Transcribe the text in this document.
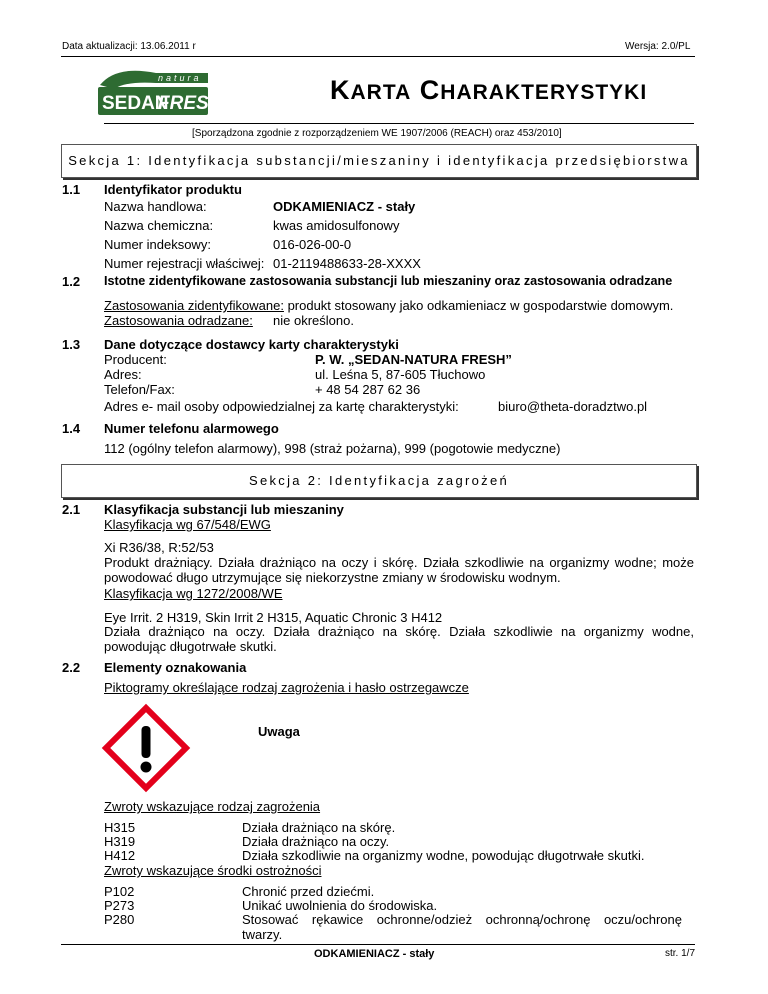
Data aktualizacji: 13.06.2011 r	Wersja: 2.0/PL
natura
SEDAN
FRESH	KARTA CHARAKTERYSTYKI
[Sporządzona zgodnie z rozporządzeniem WE 1907/2006 (REACH) oraz 453/2010]
Sekcja 1: Identyfikacja substancji/mieszaniny i identyfikacja przedsiębiorstwa
1.1 Identyfikator produktu
Nazwa handlowa:	ODKAMIENIACZ - stały
Nazwa chemiczna:	kwas amidosulfonowy
Numer indeksowy:	016-026-00-0
Numer rejestracji właściwej: 01-2119488633-28-XXXX
1.2 Istotne zidentyfikowane zastosowania substancji lub mieszaniny oraz zastosowania odradzane
Zastosowania zidentyfikowane: produkt stosowany jako odkamieniacz w gospodarstwie domowym.
Zastosowania odradzane: nie określono.
1.3 Dane dotyczące dostawcy karty charakterystyki
Producent:	P. W. „SEDAN-NATURA FRESH”
Adres:	ul. Leśna 5, 87-605 Tłuchowo
Telefon/Fax:	+ 48 54 287 62 36
Adres e- mail osoby odpowiedzialnej za kartę charakterystyki:	biuro@theta-doradztwo.pl
1.4 Numer telefonu alarmowego
112 (ogólny telefon alarmowy), 998 (straż pożarna), 999 (pogotowie medyczne)
Sekcja 2: Identyfikacja zagrożeń
2.1 Klasyfikacja substancji lub mieszaniny
Klasyfikacja wg 67/548/EWG
Xi R36/38, R:52/53
Produkt drażniący. Działa drażniąco na oczy i skórę. Działa szkodliwie na organizmy wodne; może powodować długo utrzymujące się niekorzystne zmiany w środowisku wodnym.
Klasyfikacja wg 1272/2008/WE
Eye Irrit. 2 H319, Skin Irrit 2 H315, Aquatic Chronic 3 H412
Działa drażniąco na oczy. Działa drażniąco na skórę. Działa szkodliwie na organizmy wodne, powodując długotrwałe skutki.
2.2 Elementy oznakowania
Piktogramy określające rodzaj zagrożenia i hasło ostrzegawcze
Uwaga
Zwroty wskazujące rodzaj zagrożenia
H315	Działa drażniąco na skórę.
H319	Działa drażniąco na oczy.
H412	Działa szkodliwie na organizmy wodne, powodując długotrwałe skutki.
Zwroty wskazujące środki ostrożności
P102	Chronić przed dziećmi.
P273	Unikać uwolnienia do środowiska.
P280	Stosować rękawice ochronne/odzież ochronną/ochronę oczu/ochronę twarzy.
ODKAMIENIACZ - stały	str. 1/7
